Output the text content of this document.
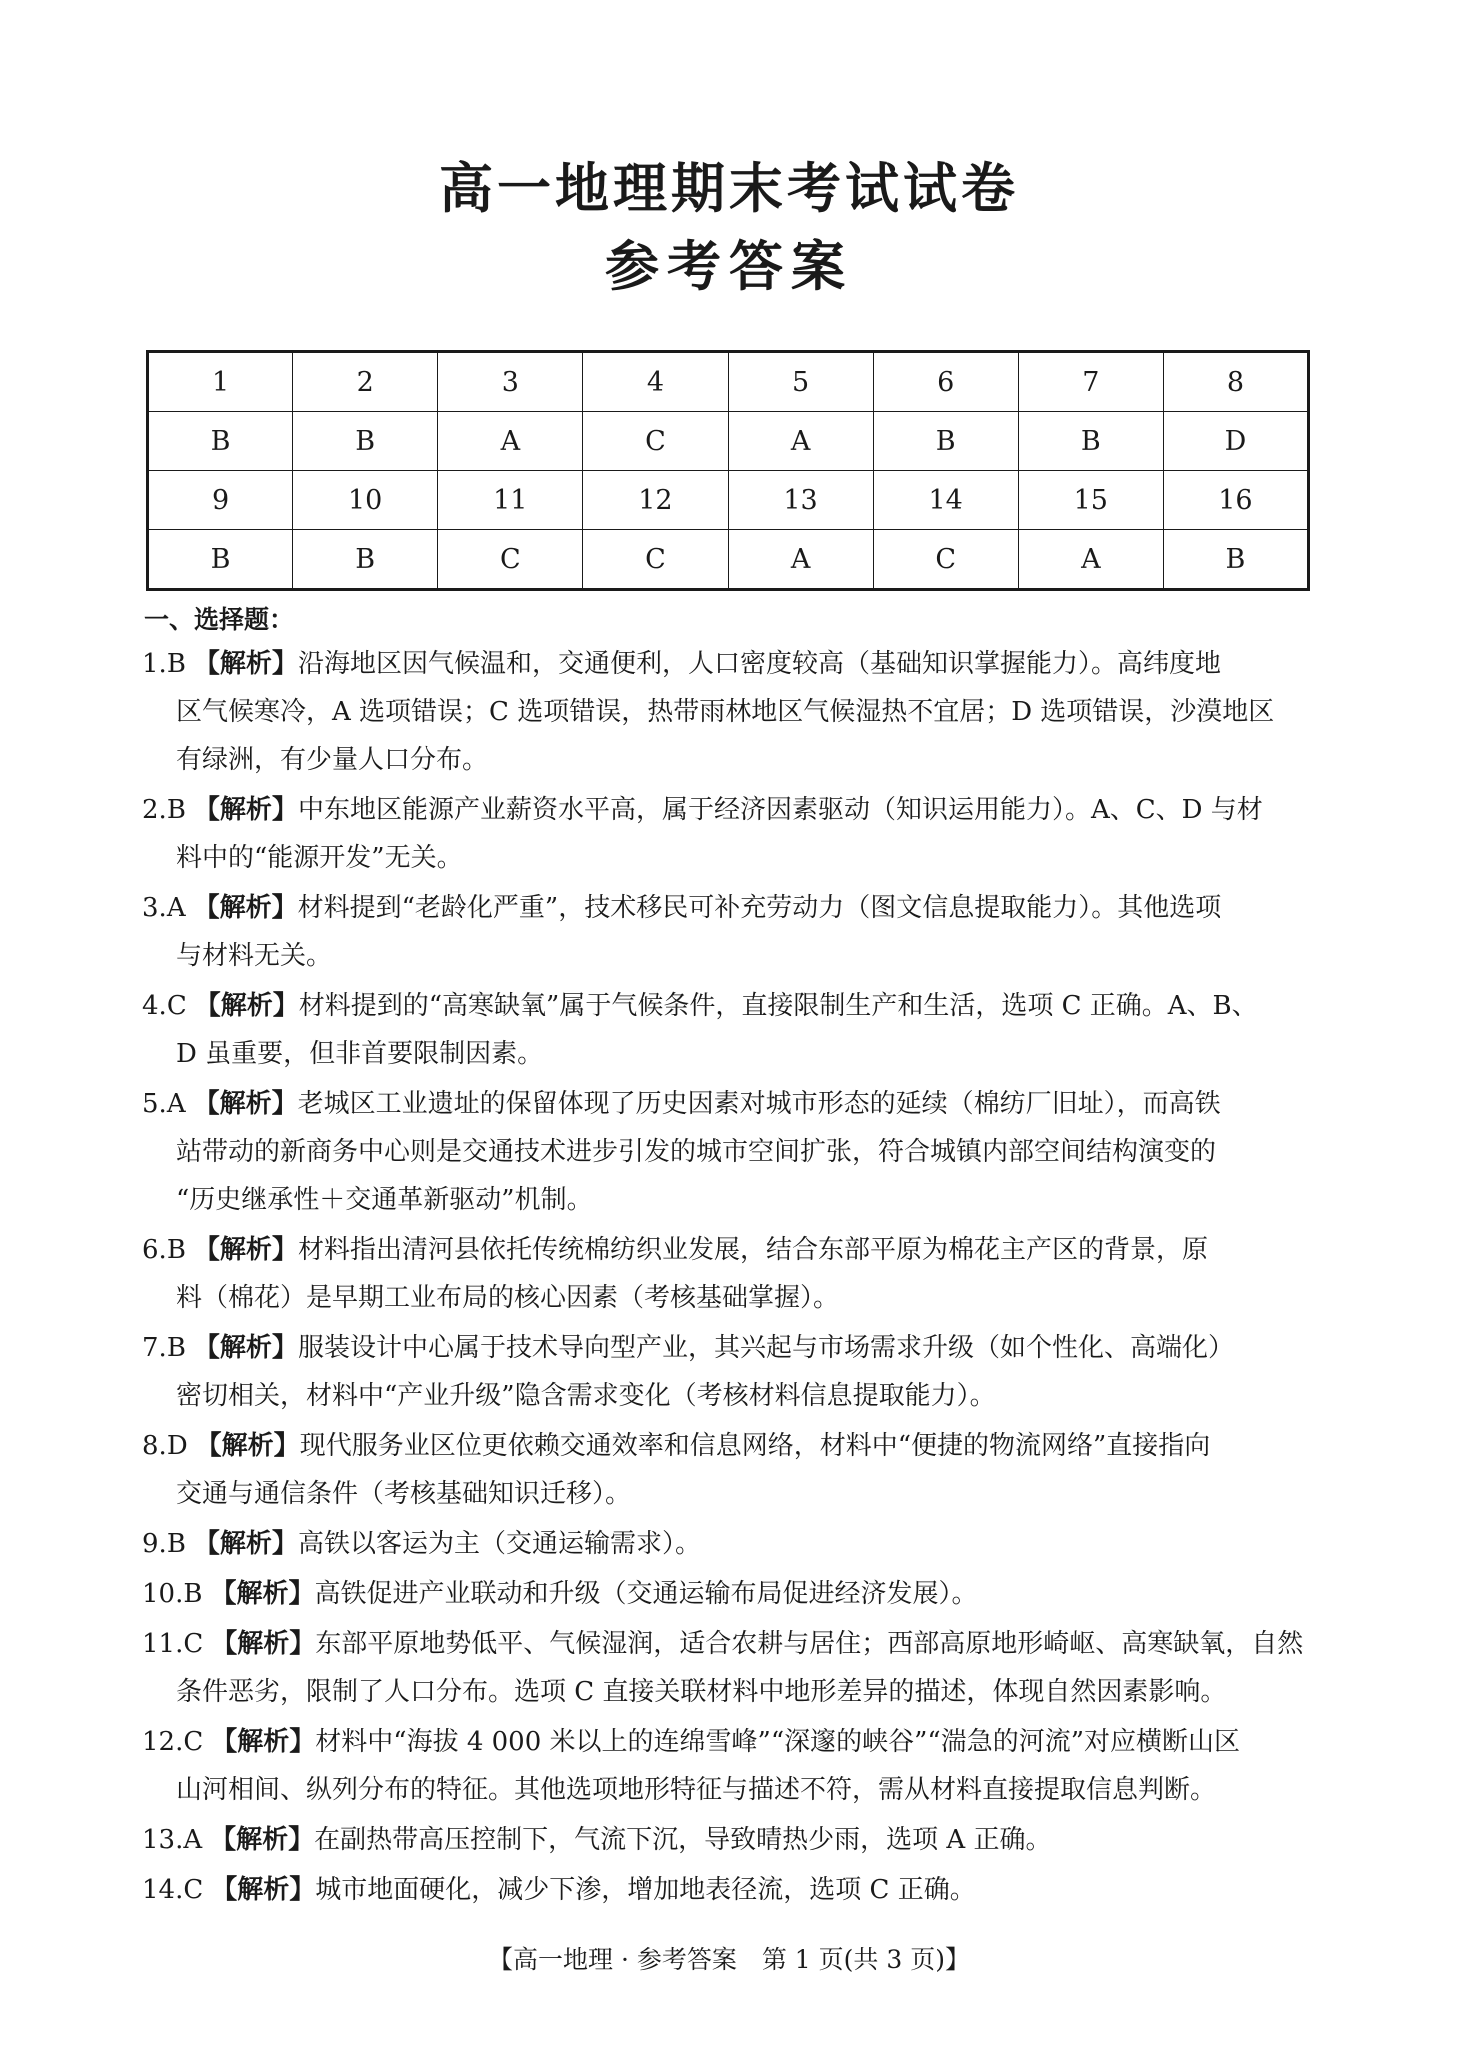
高一地理期末考试试卷
参考答案
1	2	3	4	5	6	7	8
B	B	A	C	A	B	B	D
9	10	11	12	13	14	15	16
B	B	C	C	A	C	A	B
一、选择题：
1.B 【解析】沿海地区因气候温和，交通便利，人口密度较高（基础知识掌握能力）。高纬度地
区气候寒冷，A 选项错误；C 选项错误，热带雨林地区气候湿热不宜居；D 选项错误，沙漠地区
有绿洲，有少量人口分布。
2.B 【解析】中东地区能源产业薪资水平高，属于经济因素驱动（知识运用能力）。A、C、D 与材
料中的“能源开发”无关。
3.A 【解析】材料提到“老龄化严重”，技术移民可补充劳动力（图文信息提取能力）。其他选项
与材料无关。
4.C 【解析】材料提到的“高寒缺氧”属于气候条件，直接限制生产和生活，选项 C 正确。A、B、
D 虽重要，但非首要限制因素。
5.A 【解析】老城区工业遗址的保留体现了历史因素对城市形态的延续（棉纺厂旧址），而高铁
站带动的新商务中心则是交通技术进步引发的城市空间扩张，符合城镇内部空间结构演变的
“历史继承性＋交通革新驱动”机制。
6.B 【解析】材料指出清河县依托传统棉纺织业发展，结合东部平原为棉花主产区的背景，原
料（棉花）是早期工业布局的核心因素（考核基础掌握）。
7.B 【解析】服装设计中心属于技术导向型产业，其兴起与市场需求升级（如个性化、高端化）
密切相关，材料中“产业升级”隐含需求变化（考核材料信息提取能力）。
8.D 【解析】现代服务业区位更依赖交通效率和信息网络，材料中“便捷的物流网络”直接指向
交通与通信条件（考核基础知识迁移）。
9.B 【解析】高铁以客运为主（交通运输需求）。
10.B 【解析】高铁促进产业联动和升级（交通运输布局促进经济发展）。
11.C 【解析】东部平原地势低平、气候湿润，适合农耕与居住；西部高原地形崎岖、高寒缺氧，自然
条件恶劣，限制了人口分布。选项 C 直接关联材料中地形差异的描述，体现自然因素影响。
12.C 【解析】材料中“海拔 4 000 米以上的连绵雪峰”“深邃的峡谷”“湍急的河流”对应横断山区
山河相间、纵列分布的特征。其他选项地形特征与描述不符，需从材料直接提取信息判断。
13.A 【解析】在副热带高压控制下，气流下沉，导致晴热少雨，选项 A 正确。
14.C 【解析】城市地面硬化，减少下渗，增加地表径流，选项 C 正确。
【高一地理 · 参考答案　第 1 页(共 3 页)】
